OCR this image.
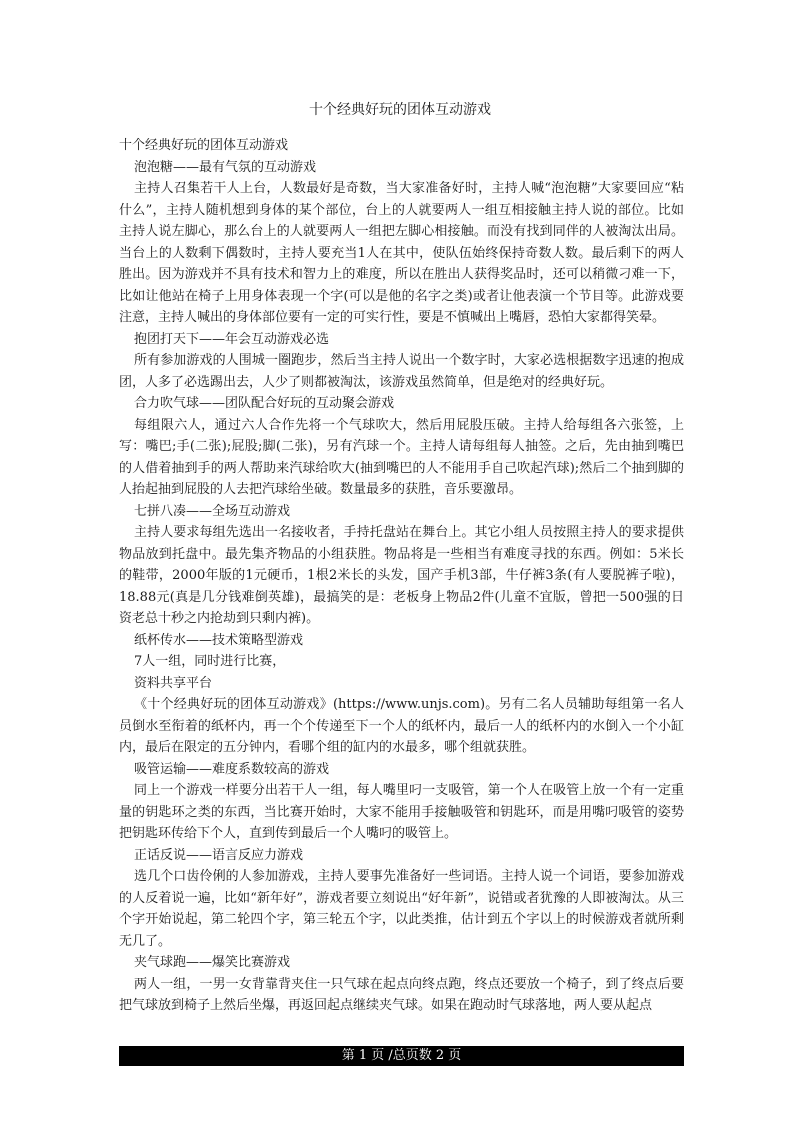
十个经典好玩的团体互动游戏

十个经典好玩的团体互动游戏

泡泡糖——最有气氛的互动游戏

主持人召集若干人上台，人数最好是奇数，当大家准备好时，主持人喊“泡泡糖”大家要回应“粘什么”，主持人随机想到身体的某个部位，台上的人就要两人一组互相接触主持人说的部位。比如主持人说左脚心，那么台上的人就要两人一组把左脚心相接触。而没有找到同伴的人被淘汰出局。当台上的人数剩下偶数时，主持人要充当1人在其中，使队伍始终保持奇数人数。最后剩下的两人胜出。因为游戏并不具有技术和智力上的难度，所以在胜出人获得奖品时，还可以稍微刁难一下，比如让他站在椅子上用身体表现一个字(可以是他的名字之类)或者让他表演一个节目等。此游戏要注意，主持人喊出的身体部位要有一定的可实行性，要是不慎喊出上嘴唇，恐怕大家都得笑晕。

抱团打天下——年会互动游戏必选

所有参加游戏的人围城一圈跑步，然后当主持人说出一个数字时，大家必选根据数字迅速的抱成团，人多了必选踢出去，人少了则都被淘汰，该游戏虽然简单，但是绝对的经典好玩。

合力吹气球——团队配合好玩的互动聚会游戏

每组限六人，通过六人合作先将一个气球吹大，然后用屁股压破。主持人给每组各六张签，上写：嘴巴;手(二张);屁股;脚(二张)，另有汽球一个。主持人请每组每人抽签。之后，先由抽到嘴巴的人借着抽到手的两人帮助来汽球给吹大(抽到嘴巴的人不能用手自己吹起汽球);然后二个抽到脚的人抬起抽到屁股的人去把汽球给坐破。数量最多的获胜，音乐要激昂。

七拼八凑——全场互动游戏

主持人要求每组先选出一名接收者，手持托盘站在舞台上。其它小组人员按照主持人的要求提供物品放到托盘中。最先集齐物品的小组获胜。物品将是一些相当有难度寻找的东西。例如：5米长的鞋带，2000年版的1元硬币，1根2米长的头发，国产手机3部，牛仔裤3条(有人要脱裤子啦)，18.88元(真是几分钱难倒英雄)，最搞笑的是：老板身上物品2件(儿童不宜版，曾把一500强的日资老总十秒之内抢劫到只剩内裤)。

纸杯传水——技术策略型游戏

7人一组，同时进行比赛，

资料共享平台

《十个经典好玩的团体互动游戏》(https://www.unjs.com)。另有二名人员辅助每组第一名人员倒水至衔着的纸杯内，再一个个传递至下一个人的纸杯内，最后一人的纸杯内的水倒入一个小缸内，最后在限定的五分钟内，看哪个组的缸内的水最多，哪个组就获胜。

吸管运输——难度系数较高的游戏

同上一个游戏一样要分出若干人一组，每人嘴里叼一支吸管，第一个人在吸管上放一个有一定重量的钥匙环之类的东西，当比赛开始时，大家不能用手接触吸管和钥匙环，而是用嘴叼吸管的姿势把钥匙环传给下个人，直到传到最后一个人嘴叼的吸管上。

正话反说——语言反应力游戏

选几个口齿伶俐的人参加游戏，主持人要事先准备好一些词语。主持人说一个词语，要参加游戏的人反着说一遍，比如“新年好”，游戏者要立刻说出“好年新”，说错或者犹豫的人即被淘汰。从三个字开始说起，第二轮四个字，第三轮五个字，以此类推，估计到五个字以上的时候游戏者就所剩无几了。

夹气球跑——爆笑比赛游戏

两人一组，一男一女背靠背夹住一只气球在起点向终点跑，终点还要放一个椅子，到了终点后要把气球放到椅子上然后坐爆，再返回起点继续夹气球。如果在跑动时气球落地，两人要从起点

第 1 页 /总页数 2 页
